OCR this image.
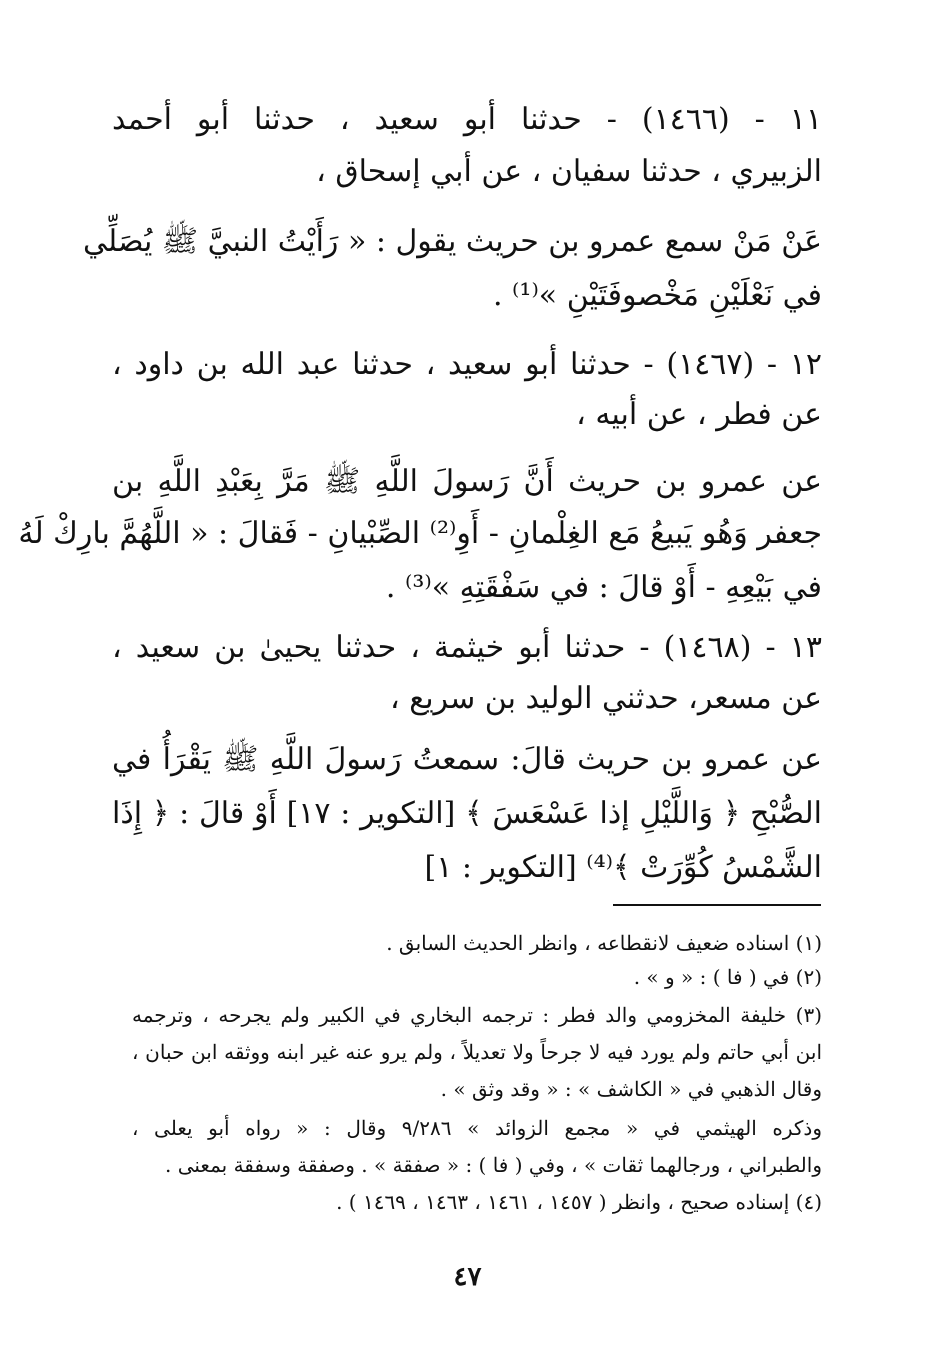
١١ - (١٤٦٦) - حدثنا أبو سعيد ، حدثنا أبو أحمد
الزبيري ، حدثنا سفيان ، عن أبي إسحاق ،
عَنْ مَنْ سمع عمرو بن حريث يقول : « رَأَيْتُ النبيَّ ﷺ يُصَلِّي
في نَعْلَيْنِ مَخْصوفَتَيْنِ »⁽¹⁾ .
١٢ - (١٤٦٧) - حدثنا أبو سعيد ، حدثنا عبد الله بن داود ،
عن فطر ، عن أبيه ،
عن عمرو بن حريث أَنَّ رَسولَ اللَّهِ ﷺ مَرَّ بِعَبْدِ اللَّهِ بن
جعفر وَهُو يَبيعُ مَع الغِلْمانِ - أَوِ⁽²⁾ الصِّبْيانِ - فَقالَ : « اللَّهُمَّ بارِكْ لَهُ
في بَيْعِهِ - أَوْ قالَ : في سَفْقَتِهِ »⁽³⁾ .
١٣ - (١٤٦٨) - حدثنا أبو خيثمة ، حدثنا يحيىٰ بن سعيد ،
عن مسعر، حدثني الوليد بن سريع ،
عن عمرو بن حريث قالَ: سمعتُ رَسولَ اللَّهِ ﷺ يَقْرَأُ في
الصُّبْحِ ﴿ وَاللَّيْلِ إذا عَسْعَسَ ﴾ [التكوير : ١٧] أَوْ قالَ : ﴿ إِذَا
الشَّمْسُ كُوِّرَتْ ﴾⁽⁴⁾ [التكوير : ١]
(١) اسناده ضعيف لانقطاعه ، وانظر الحديث السابق .
(٢) في ( فا ) : « و » .
(٣) خليفة المخزومي والد فطر : ترجمه البخاري في الكبير ولم يجرحه ، وترجمه
ابن أبي حاتم ولم يورد فيه لا جرحاً ولا تعديلاً ، ولم يرو عنه غير ابنه ووثقه ابن حبان ،
وقال الذهبي في « الكاشف » : « وقد وثق » .
وذكره الهيثمي في « مجمع الزوائد » ٩/٢٨٦ وقال : « رواه أبو يعلى ،
والطبراني ، ورجالهما ثقات » ، وفي ( فا ) : « صفقة » . وصفقة وسفقة بمعنى .
(٤) إسناده صحيح ، وانظر ( ١٤٥٧ ، ١٤٦١ ، ١٤٦٣ ، ١٤٦٩ ) .
٤٧
